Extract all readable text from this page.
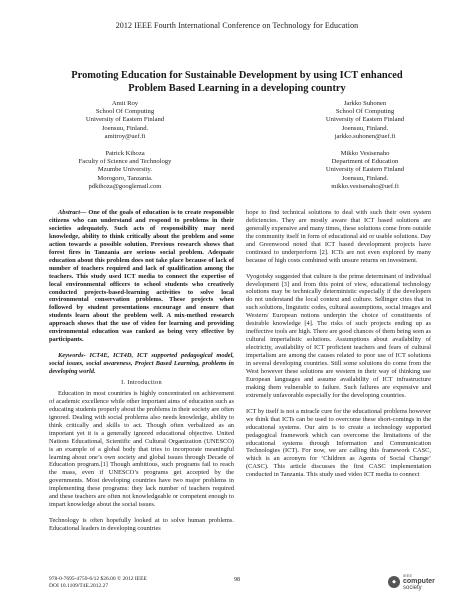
2012 IEEE Fourth International Conference on Technology for Education
Promoting Education for Sustainable Development by using ICT enhanced
Problem Based Learning in a developing country
Amit Roy
School Of Computing
University of Eastern Finland
Joensuu, Finland.
amitroy@uef.fi
Jarkko Suhonen
School Of Computing
University of Eastern Finland
Joensuu, Finland.
jarkko.suhonen@uef.fi
Patrick Kihoza
Faculty of Science and Technology
Mzumbe University.
Morogoro, Tanzania.
pdkihoza@googlemail.com
Mikko Vesisenaho
Department of Education
University of Eastern Finland
Joensuu, Finland.
mikko.vesisenaho@uef.fi

Abstract— One of the goals of education is to create responsible citizens who can understand and respond to problems in their societies adequately. Such acts of responsibility may need knowledge, ability to think critically about the problem and some action towards a possible solution. Previous research shows that forest fires in Tanzania are serious social problem. Adequate education about this problem does not take place because of lack of number of teachers required and lack of qualification among the teachers. This study used ICT media to connect the expertise of local environmental officers to school students who creatively conducted projects-based-learning activities to solve local environmental conservation problems. These projects when followed by student presentations encourage and ensure that students learn about the problem well. A mix-method research approach shows that the use of video for learning and providing environmental education was ranked as being very effective by participants.

Keywords- ICT4E, ICT4D, ICT supported pedagogical model, social issues, social awareness, Project Based Learning, problems in developing world.

I. Introduction

Education in most countries is highly concentrated on achievement of academic excellence while other important aims of education such as educating students properly about the problems in their society are often ignored. Dealing with social problems also needs knowledge, ability to think critically and skills to act. Though often verbalized as an important yet it is a generally ignored educational objective. United Nations Educational, Scientific and Cultural Organization (UNESCO) is an example of a global body that tries to incorporate meaningful learning about one’s own society and global issues through Decade of Education program.[1] Though ambitious, such programs fail to reach the mass, even if UNESCO’s programs get accepted by the governments. Most developing countries have two major problems in implementing these programs: they lack number of teachers required and these teachers are often not knowledgeable or competent enough to impart knowledge about the social issues.

Technology is often hopefully looked at to solve human problems. Educational leaders in developing countries

hope to find technical solutions to deal with such their own system deficiencies. They are mostly aware that ICT based solutions are generally expensive and many times, these solutions come from outside the community itself in form of educational aid or usable solutions. Day and Greenwood noted that ICT based development projects have continued to underperform [2]. ICTs are not even explored by many because of high costs combined with unsure returns on investment.

Vyogotsky suggested that culture is the prime determinant of individual development [3] and from this point of view, educational technology solutions may be technically deterministic especially if the developers do not understand the local context and culture. Sellinger cites that in such solutions, linguistic codes, cultural assumptions, social images and Western/ European notions underpin the choice of constituents of desirable knowledge [4]. The risks of such projects ending up as ineffective tools are high. There are good chances of them being seen as cultural imperialistic solutions. Assumptions about availability of electricity, availability of ICT proficient teachers and fears of cultural imperialism are among the causes related to poor use of ICT solutions in several developing countries. Still some solutions do come from the West however these solutions are western in their way of thinking use European languages and assume availability of ICT infrastructure making them vulnerable to failure. Such failures are expensive and extremely unfavorable especially for the developing countries.

ICT by itself is not a miracle cure for the educational problems however we think that ICTs can be used to overcome these short-comings in the educational systems. Our aim is to create a technology supported pedagogical framework which can overcome the limitations of the educational systems through Information and Communication Technologies (ICT). For now, we are calling this framework CASC, which is an acronym for ‘Children as Agents of Social Change’ (CASC). This article discusses the first CASC implementation conducted in Tanzania. This study used video ICT media to connect

978-0-7695-4759-6/12 $26.00 © 2012 IEEE
DOI 10.1109/T4E.2012.27
98	◆
IEEE
computer
society
